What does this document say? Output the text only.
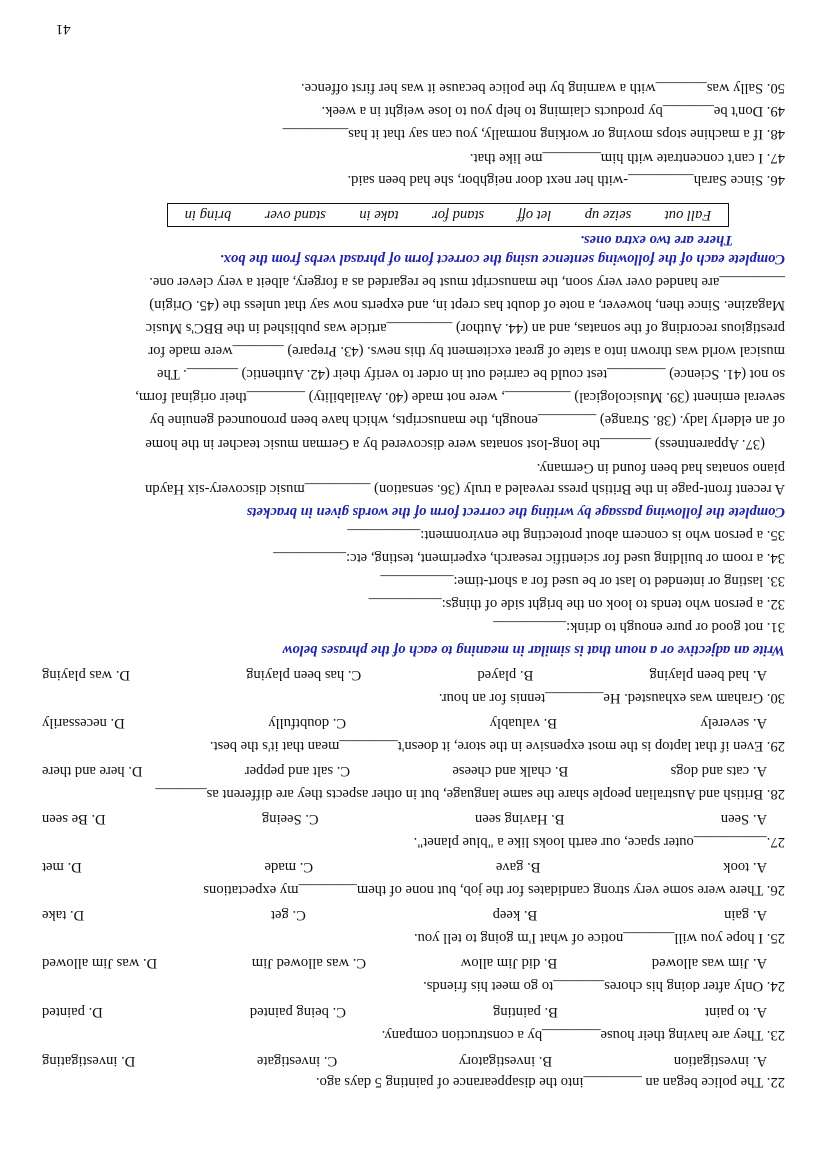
22. The police began an ________into the disappearance of painting 5 days ago.
A. investigation
B. investigatory
C. investigate
D. investigating
23. They are having their house________by a construction company.
A. to paint
B. painting
C. being painted
D. painted
24. Only after doing his chores_______to go meet his friends.
A. Jim was allowed
B. did Jim allow
C. was allowed Jim
D. was Jim allowed
25. I hope you will_______notice of what I'm going to tell you.
A. gain
B. keep
C. get
D. take
26. There were some very strong candidates for the job, but none of them________my expectations
A. took
B. gave
C. made
D. met
27.__________outer space, our earth looks like a "blue planet".
A. Seen
B. Having seen
C. Seeing
D. Be seen
28. British and Australian people share the same language, but in other aspects they are different as_______
A. cats and dogs
B. chalk and cheese
C. salt and pepper
D. here and there
29. Even if that laptop is the most expensive in the store, it doesn't________mean that it's the best.
A. severely
B. valuably
C. doubtfully
D. necessarily
30. Graham was exhausted. He________tennis for an hour.
A. had been playing
B. played
C. has been playing
D. was playing
Write an adjective or a noun that is similar in meaning to each of the phrases below
31. not good or pure enough to drink:__________
32. a person who tends to look on the bright side of things:__________
33. lasting or intended to last or be used for a short-time:__________
34. a room or building used for scientific research, experiment, testing, etc:__________
35. a person who is concern about protecting the environment:__________
Complete the following passage by writing the correct form of the words given in brackets
A recent front-page in the British press revealed a truly (36. sensation) _________music discovery-six Haydn
piano sonatas had been found in Germany.
(37. Apparentness) _______the long-lost sonatas were discovered by a German music teacher in the home
of an elderly lady. (38. Strange) ________enough, the manuscripts, which have been pronounced genuine by
several eminent (39. Musicological) _________, were not made (40. Availability) ________their original form,
so not (41. Science) ________test could be carried out in order to verify their (42. Authentic) _______. The
musical world was thrown into a state of great excitement by this news. (43. Prepare) _______were made for
prestigious recording of the sonatas, and an (44. Author) _________article was published in the BBC's Music
Magazine. Since then, however, a note of doubt has crept in, and experts now say that unless the (45. Origin)
_________are handed over very soon, the manuscript must be regarded as a forgery, albeit a very clever one.
Complete each of the following sentence using the correct form of phrasal verbs from the box.
There are two extra ones.
Fall out
seize up
let off
stand for
take in
stand over
bring in
46. Since Sarah_________-with her next door neighbor, she had been said.
47. I can't concentrate with him________me like that.
48. If a machine stops moving or working normally, you can say that it has_________
49. Don't be_______by products claiming to help you to lose weight in a week.
50. Sally was_______with a warning by the police because it was her first offence.
41
